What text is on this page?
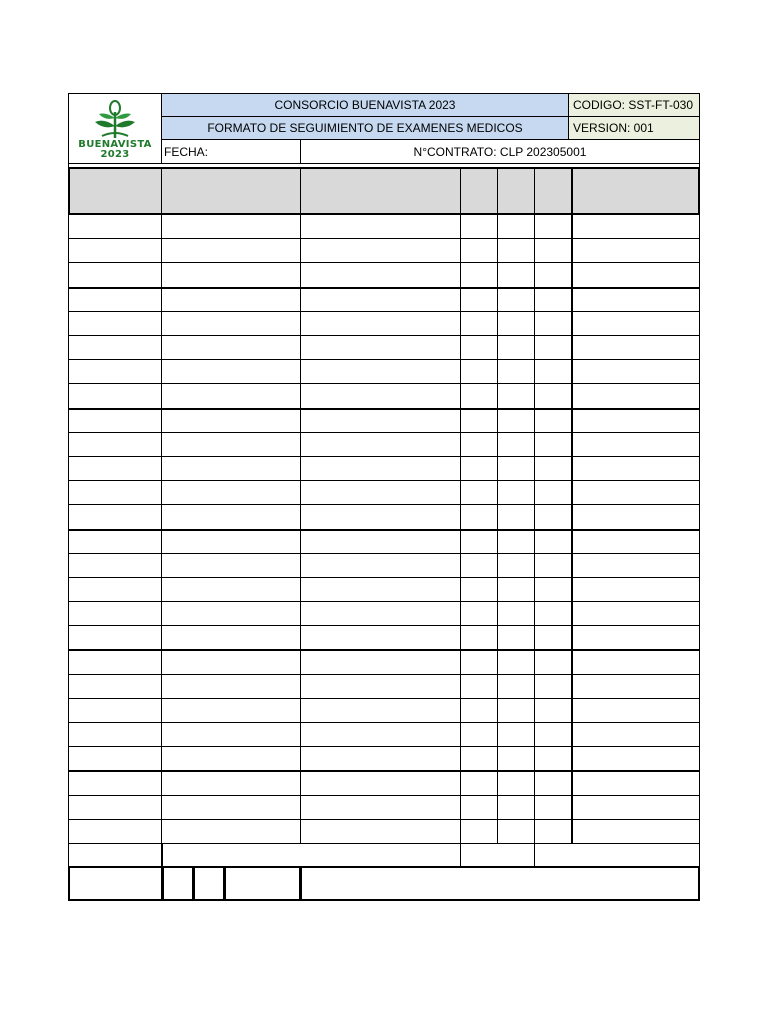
BUENAVISTA
2023
CONSORCIO BUENAVISTA 2023	CODIGO: SST-FT-030
FORMATO DE SEGUIMIENTO DE EXAMENES MEDICOS	VERSION: 001
FECHA:	N°CONTRATO: CLP 202305001
